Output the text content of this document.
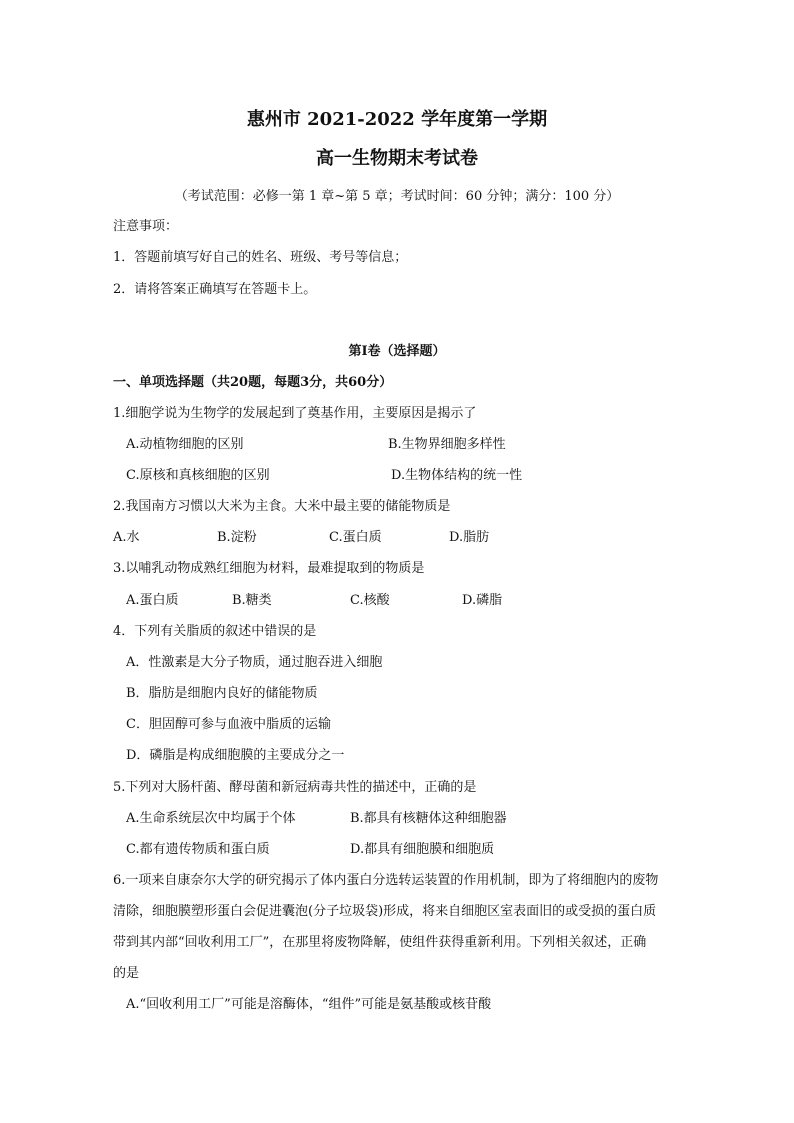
惠州市 2021-2022 学年度第一学期
高一生物期末考试卷
（考试范围：必修一第 1 章~第 5 章；考试时间：60 分钟；满分：100 分）
注意事项：
1．答题前填写好自己的姓名、班级、考号等信息；
2．请将答案正确填写在答题卡上。
第Ⅰ卷（选择题）
一、单项选择题（共20题，每题3分，共60分）
1.细胞学说为生物学的发展起到了奠基作用，主要原因是揭示了
A.动植物细胞的区别	B.生物界细胞多样性
C.原核和真核细胞的区别	D.生物体结构的统一性
2.我国南方习惯以大米为主食。大米中最主要的储能物质是
A.水	B.淀粉	C.蛋白质	D.脂肪
3.以哺乳动物成熟红细胞为材料，最难提取到的物质是
A.蛋白质	B.糖类	C.核酸	D.磷脂
4．下列有关脂质的叙述中错误的是
A．性激素是大分子物质，通过胞吞进入细胞
B．脂肪是细胞内良好的储能物质
C．胆固醇可参与血液中脂质的运输
D．磷脂是构成细胞膜的主要成分之一
5.下列对大肠杆菌、酵母菌和新冠病毒共性的描述中，正确的是
A.生命系统层次中均属于个体	B.都具有核糖体这种细胞器
C.都有遗传物质和蛋白质	D.都具有细胞膜和细胞质
6.一项来自康奈尔大学的研究揭示了体内蛋白分选转运装置的作用机制，即为了将细胞内的废物
清除，细胞膜塑形蛋白会促进囊泡(分子垃圾袋)形成，将来自细胞区室表面旧的或受损的蛋白质
带到其内部“回收利用工厂”，在那里将废物降解，使组件获得重新利用。下列相关叙述，正确
的是
A.“回收利用工厂”可能是溶酶体，“组件”可能是氨基酸或核苷酸
